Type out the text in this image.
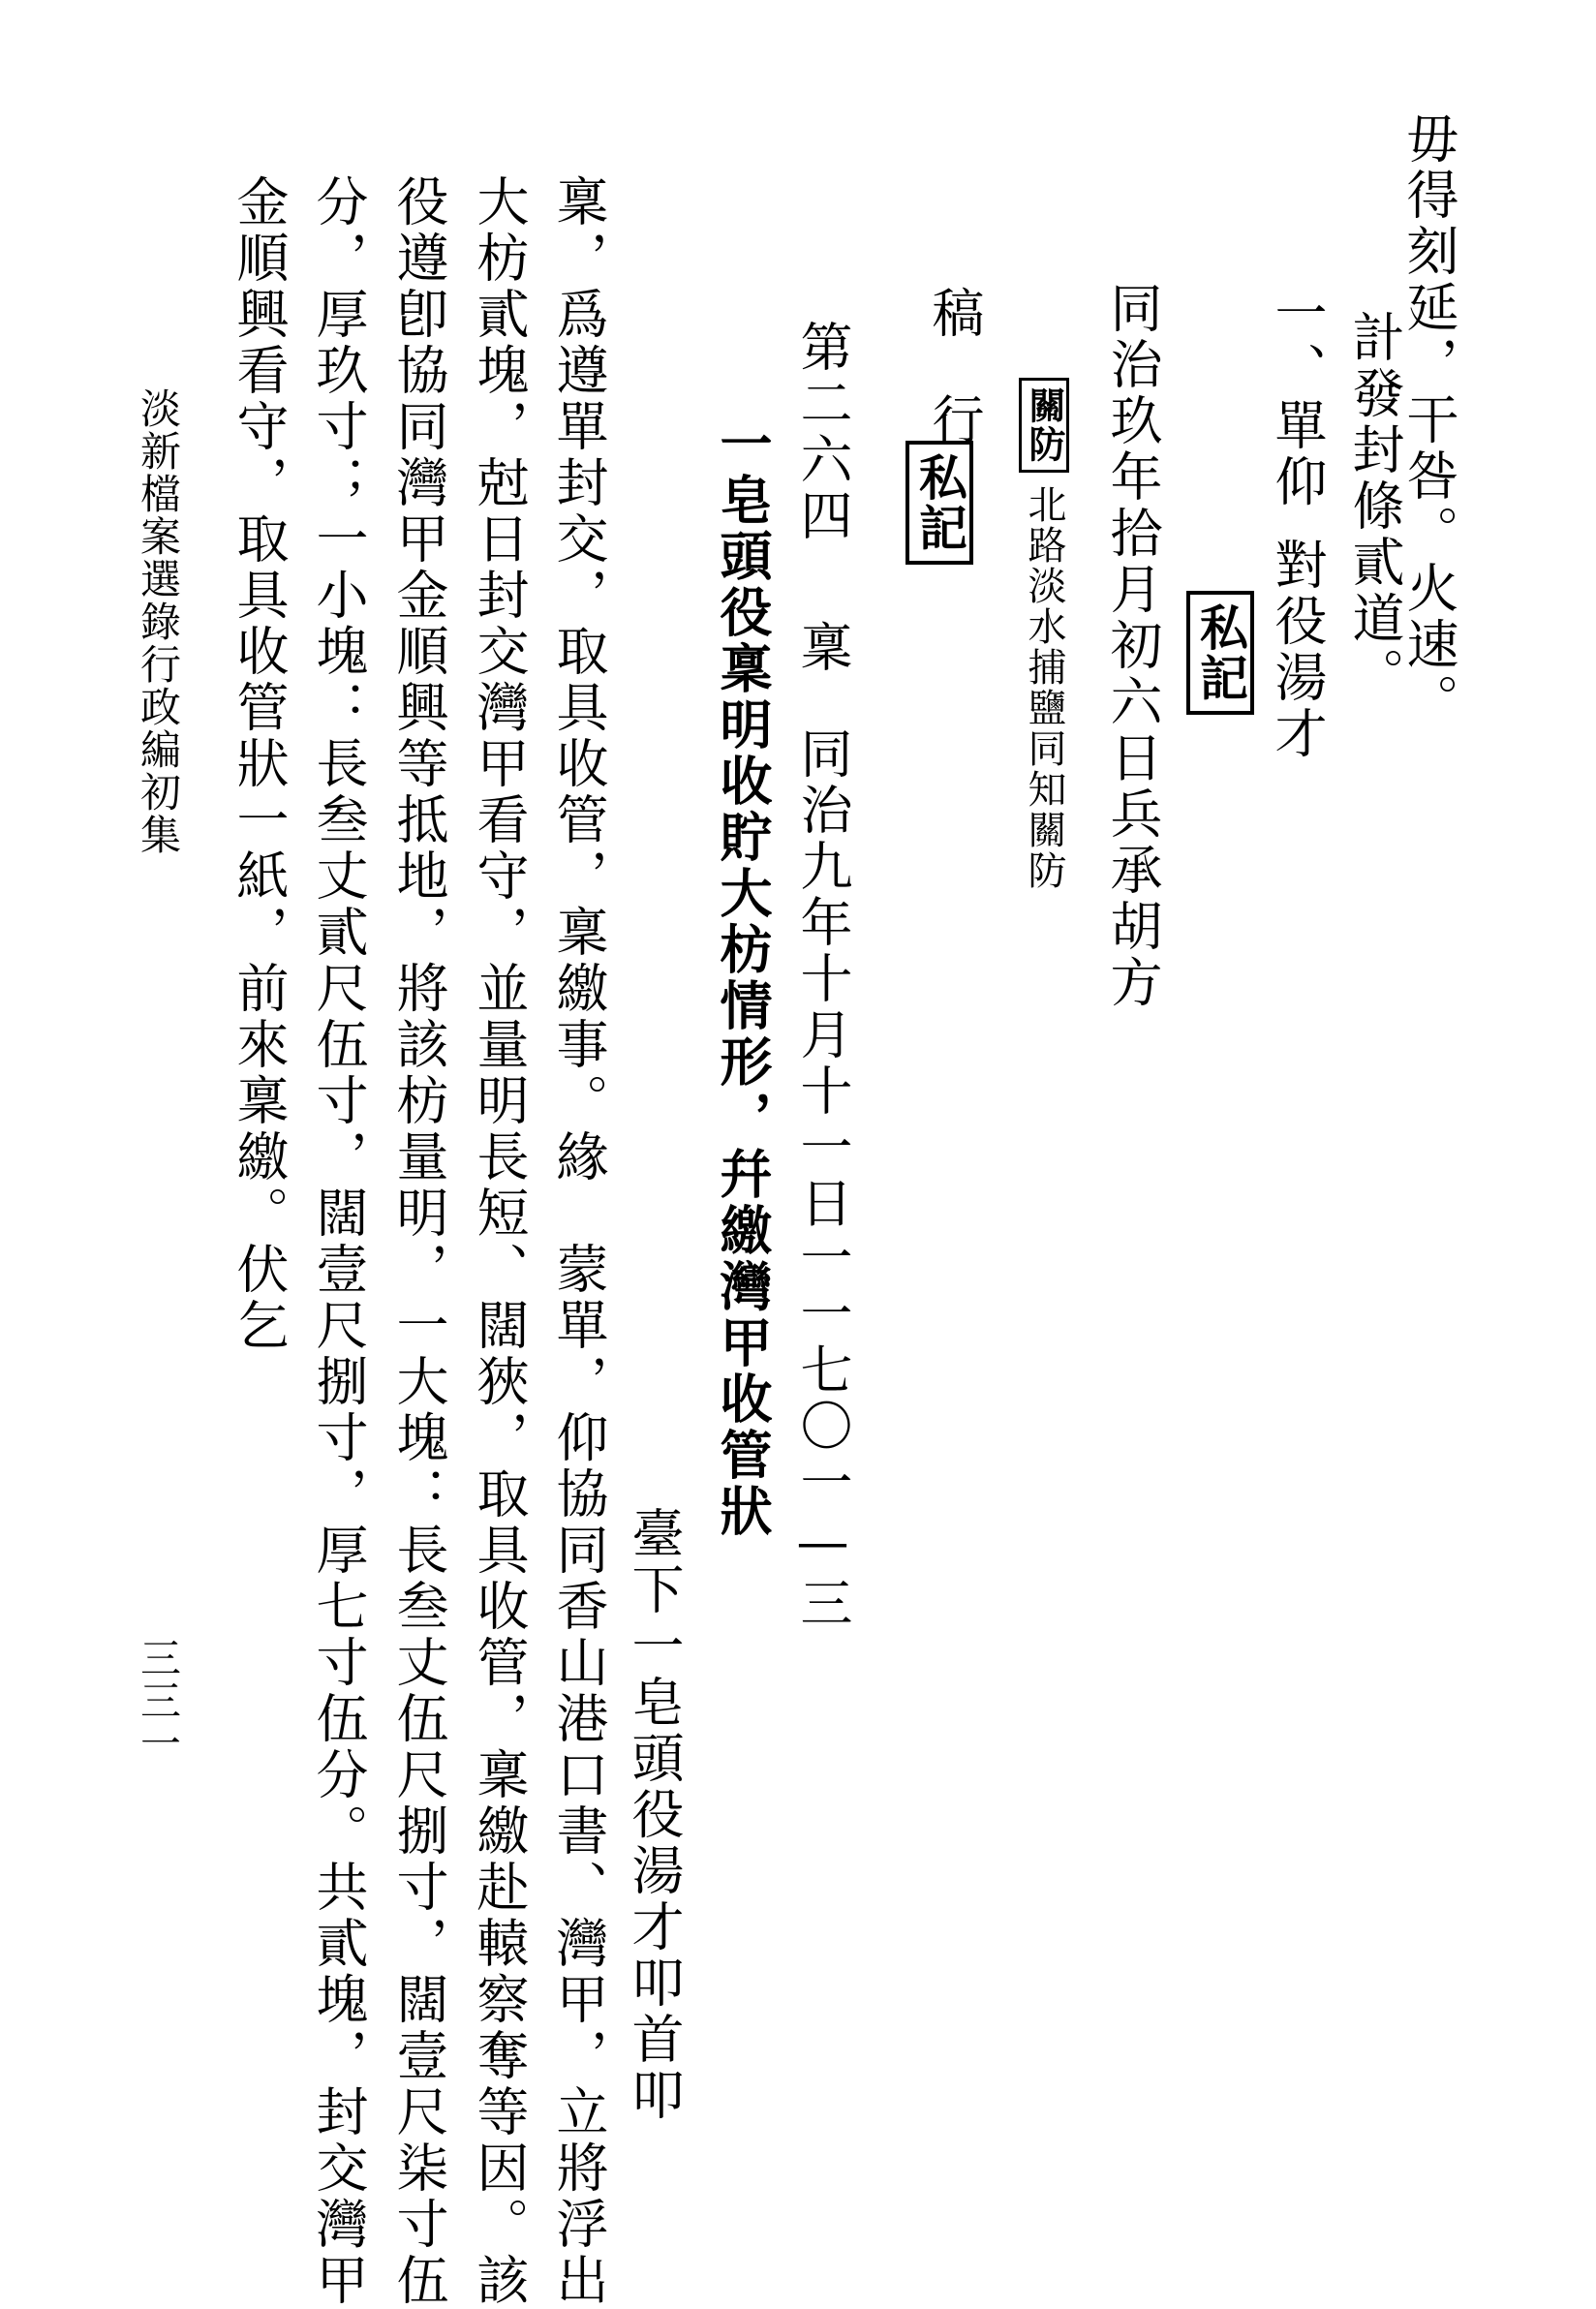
毋得刻延，干咎。火速。
計發封條貳道。
一、單仰
對役湯才
私記
同治玖年拾月初六日兵承胡方
關防
北路淡水捕鹽同知關防
稿
行
私記
第二六四
稟
同治九年十月十一日
一一七〇一—三
一皂頭役稟明收貯大枋情形，幷繳灣甲收管狀
臺下一皂頭役湯才叩首叩
稟，爲遵單封交，取具收管，稟繳事。緣　蒙單，仰協同香山港口書、灣甲，立將浮出
大枋貳塊，尅日封交灣甲看守，並量明長短、闊狹，取具收管，稟繳赴轅察奪等因。該
役遵卽協同灣甲金順興等抵地，將該枋量明，一大塊：長叁丈伍尺捌寸，闊壹尺柒寸伍
分，厚玖寸；一小塊：長叁丈貳尺伍寸，闊壹尺捌寸，厚七寸伍分。共貳塊，封交灣甲
金順興看守，取具收管狀一紙，前來稟繳。伏乞
淡新檔案選錄行政編初集
三三一
